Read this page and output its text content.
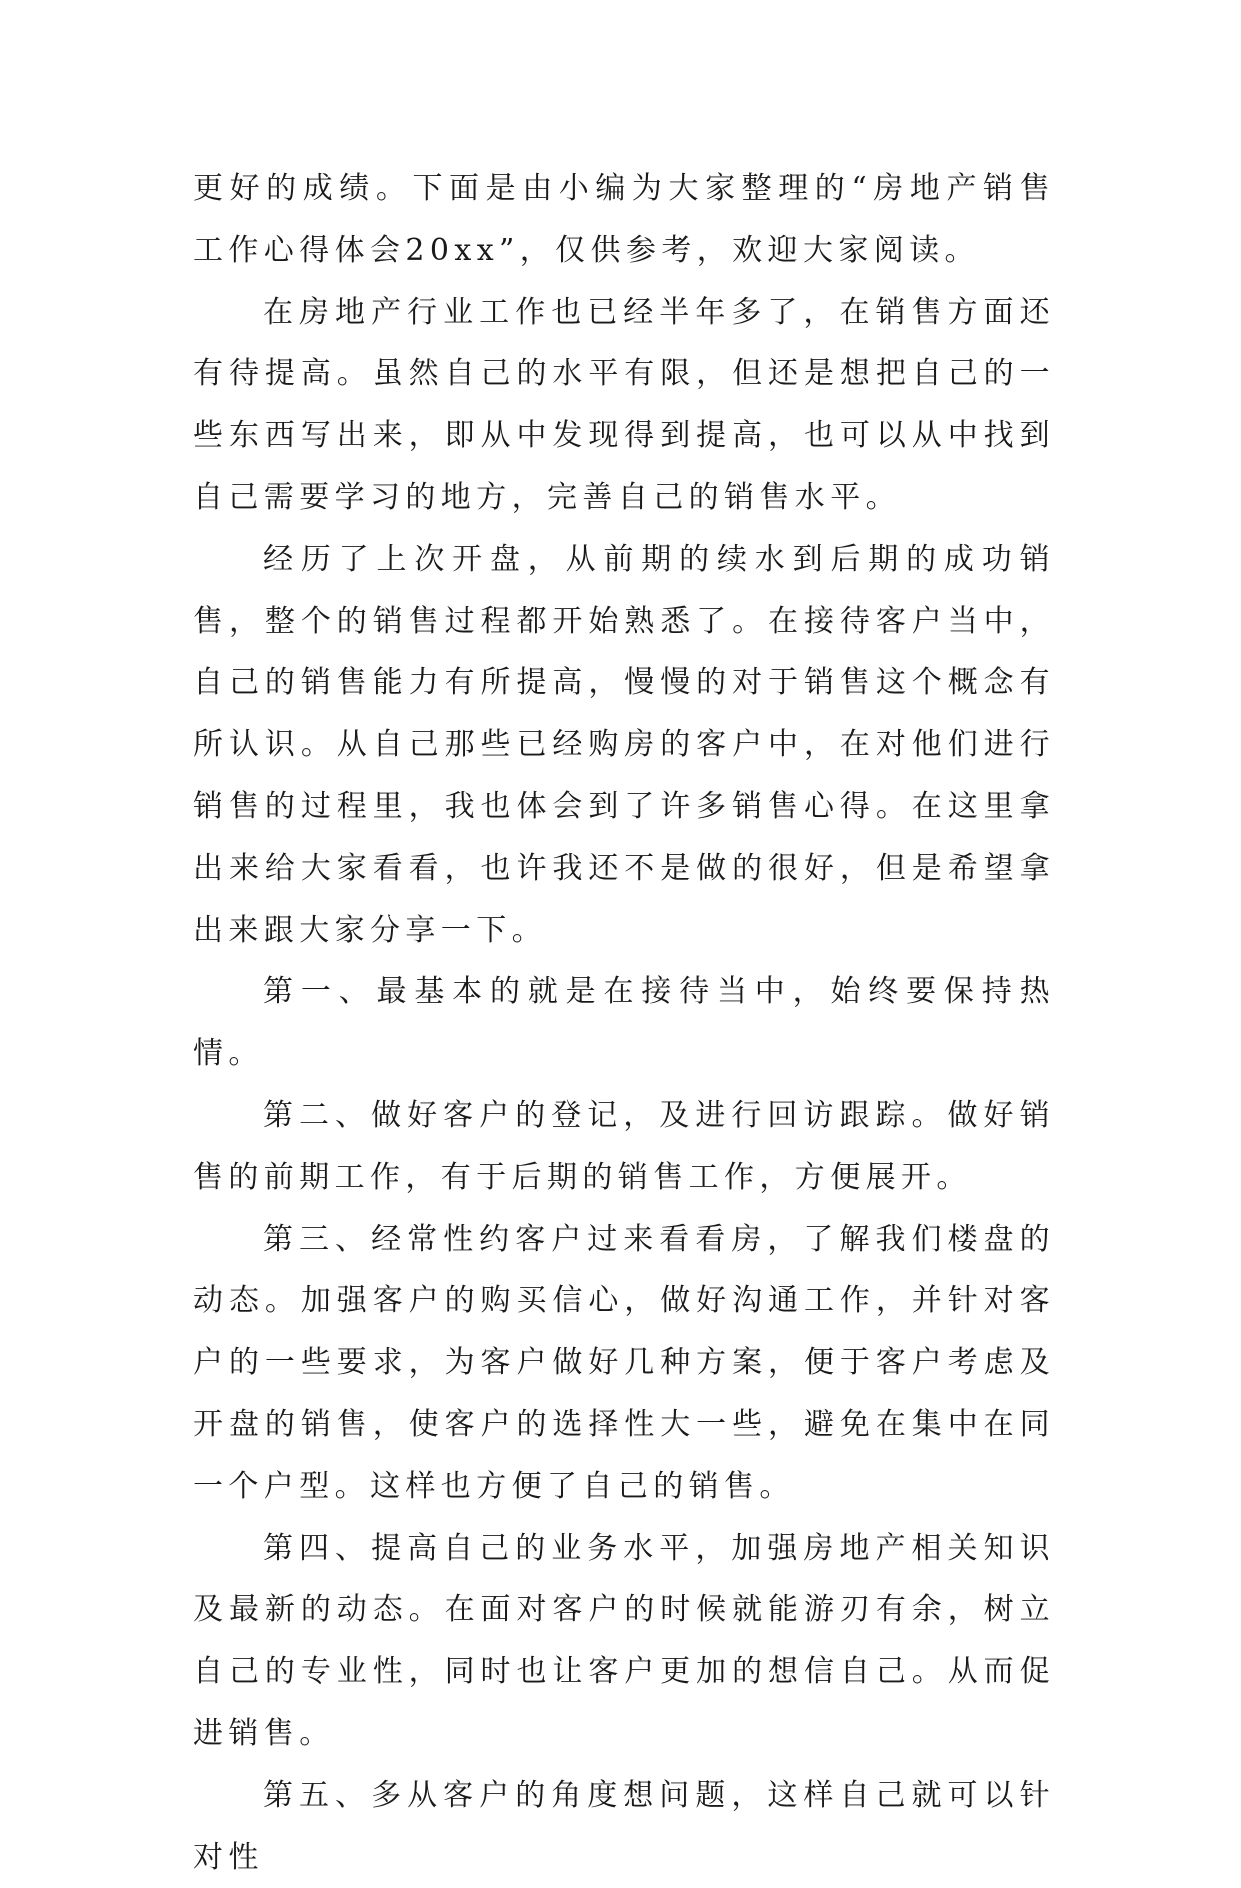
更好的成绩。下面是由小编为大家整理的“房地产销售工作心得体会20xx”，仅供参考，欢迎大家阅读。

在房地产行业工作也已经半年多了，在销售方面还有待提高。虽然自己的水平有限，但还是想把自己的一些东西写出来，即从中发现得到提高，也可以从中找到自己需要学习的地方，完善自己的销售水平。

经历了上次开盘，从前期的续水到后期的成功销售，整个的销售过程都开始熟悉了。在接待客户当中，自己的销售能力有所提高，慢慢的对于销售这个概念有所认识。从自己那些已经购房的客户中，在对他们进行销售的过程里，我也体会到了许多销售心得。在这里拿出来给大家看看，也许我还不是做的很好，但是希望拿出来跟大家分享一下。

第一、最基本的就是在接待当中，始终要保持热情。

第二、做好客户的登记，及进行回访跟踪。做好销售的前期工作，有于后期的销售工作，方便展开。

第三、经常性约客户过来看看房，了解我们楼盘的动态。加强客户的购买信心，做好沟通工作，并针对客户的一些要求，为客户做好几种方案，便于客户考虑及开盘的销售，使客户的选择性大一些，避免在集中在同一个户型。这样也方便了自己的销售。

第四、提高自己的业务水平，加强房地产相关知识及最新的动态。在面对客户的时候就能游刃有余，树立自己的专业性，同时也让客户更加的想信自己。从而促进销售。

第五、多从客户的角度想问题，这样自己就可以针对性
